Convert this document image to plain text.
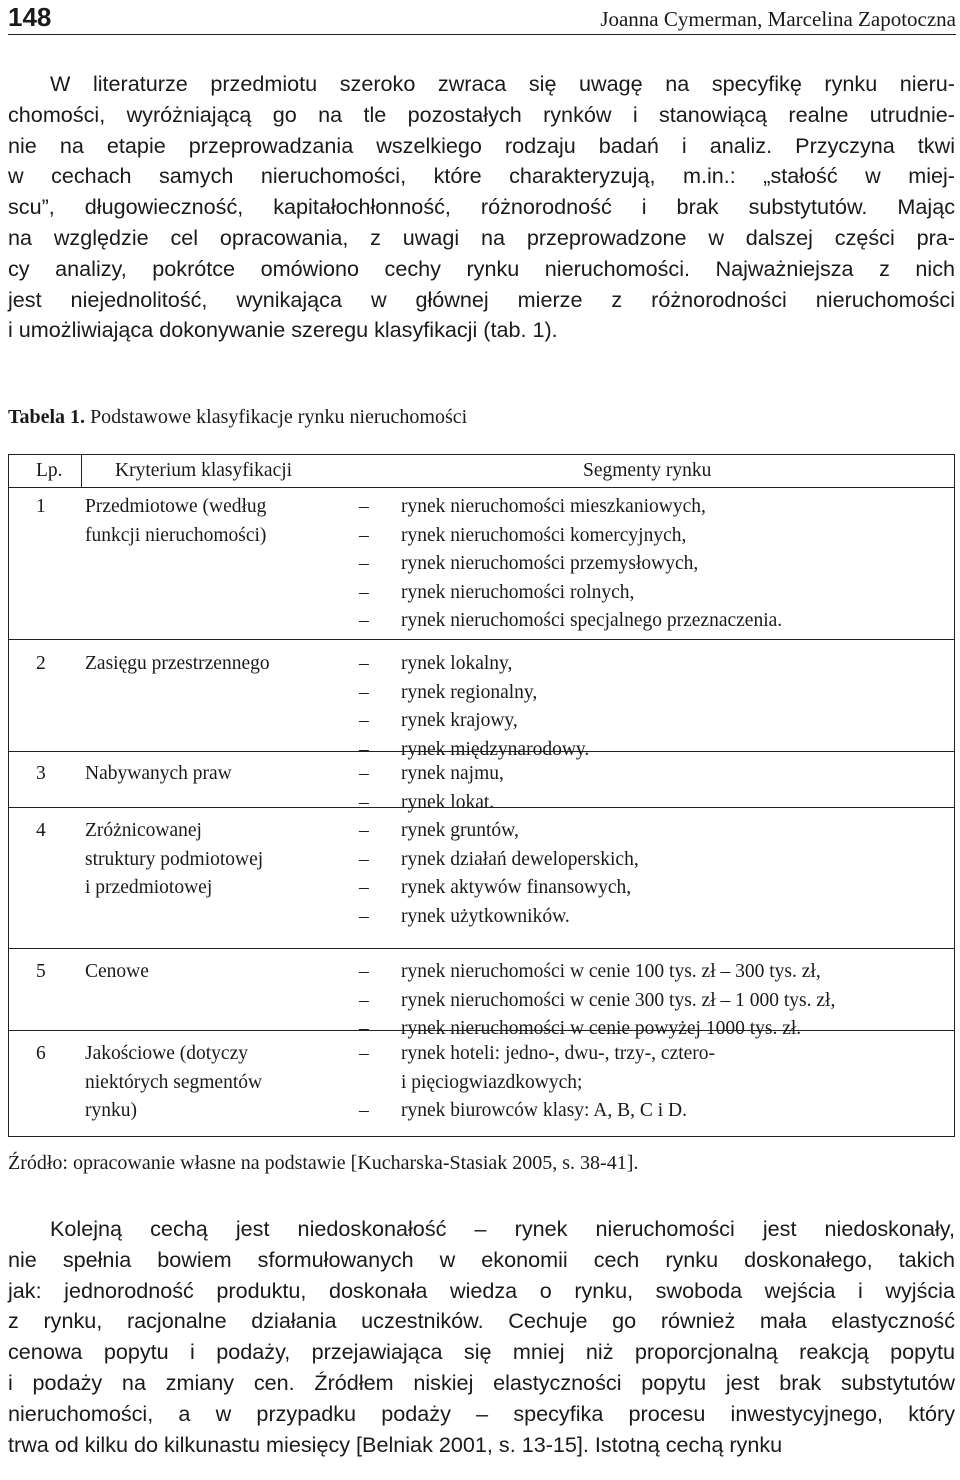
148	Joanna Cymerman, Marcelina Zapotoczna
W literaturze przedmiotu szeroko zwraca się uwagę na specyfikę rynku nieru-
chomości, wyróżniającą go na tle pozostałych rynków i stanowiącą realne utrudnie-
nie na etapie przeprowadzania wszelkiego rodzaju badań i analiz. Przyczyna tkwi
w cechach samych nieruchomości, które charakteryzują, m.in.: „stałość w miej-
scu”, długowieczność, kapitałochłonność, różnorodność i brak substytutów. Mając
na względzie cel opracowania, z uwagi na przeprowadzone w dalszej części pra-
cy analizy, pokrótce omówiono cechy rynku nieruchomości. Najważniejsza z nich
jest niejednolitość, wynikająca w głównej mierze z różnorodności nieruchomości
i umożliwiająca dokonywanie szeregu klasyfikacji (tab. 1).
Tabela 1. Podstawowe klasyfikacje rynku nieruchomości
Lp.	Kryterium klasyfikacji	Segmenty rynku
1 Przedmiotowe (według
funkcji nieruchomości)
– rynek nieruchomości mieszkaniowych,
– rynek nieruchomości komercyjnych,
– rynek nieruchomości przemysłowych,
– rynek nieruchomości rolnych,
– rynek nieruchomości specjalnego przeznaczenia.
2 Zasięgu przestrzennego	– rynek lokalny,
– rynek regionalny,
– rynek krajowy,
– rynek międzynarodowy.
3 Nabywanych praw	– rynek najmu,
– rynek lokat.
4 Zróżnicowanej
struktury podmiotowej
i przedmiotowej
– rynek gruntów,
– rynek działań deweloperskich,
– rynek aktywów finansowych,
– rynek użytkowników.
5 Cenowe	– rynek nieruchomości w cenie 100 tys. zł – 300 tys. zł,
– rynek nieruchomości w cenie 300 tys. zł – 1 000 tys. zł,
– rynek nieruchomości w cenie powyżej 1000 tys. zł.
6 Jakościowe (dotyczy
niektórych segmentów
rynku)
– rynek hoteli: jedno-, dwu-, trzy-, cztero-
i pięciogwiazdkowych;
– rynek biurowców klasy: A, B, C i D.
Źródło: opracowanie własne na podstawie [Kucharska-Stasiak 2005, s. 38-41].
Kolejną cechą jest niedoskonałość – rynek nieruchomości jest niedoskonały,
nie spełnia bowiem sformułowanych w ekonomii cech rynku doskonałego, takich
jak: jednorodność produktu, doskonała wiedza o rynku, swoboda wejścia i wyjścia
z rynku, racjonalne działania uczestników. Cechuje go również mała elastyczność
cenowa popytu i podaży, przejawiająca się mniej niż proporcjonalną reakcją popytu
i podaży na zmiany cen. Źródłem niskiej elastyczności popytu jest brak substytutów
nieruchomości, a w przypadku podaży – specyfika procesu inwestycyjnego, który
trwa od kilku do kilkunastu miesięcy [Belniak 2001, s. 13-15]. Istotną cechą rynku
